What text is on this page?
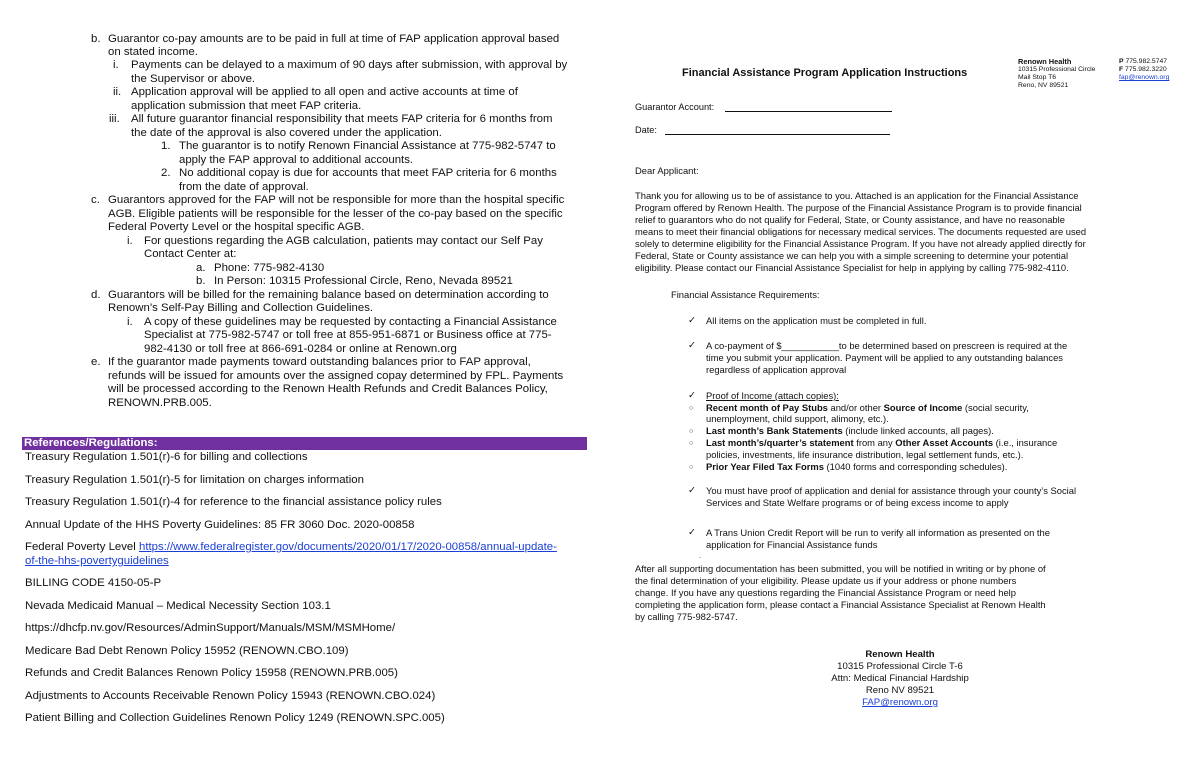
b. Guarantor co-pay amounts are to be paid in full at time of FAP application approval based
on stated income.
i. Payments can be delayed to a maximum of 90 days after submission, with approval by
the Supervisor or above.
ii. Application approval will be applied to all open and active accounts at time of
application submission that meet FAP criteria.
iii. All future guarantor financial responsibility that meets FAP criteria for 6 months from
the date of the approval is also covered under the application.
1. The guarantor is to notify Renown Financial Assistance at 775-982-5747 to
apply the FAP approval to additional accounts.
2. No additional copay is due for accounts that meet FAP criteria for 6 months
from the date of approval.
c. Guarantors approved for the FAP will not be responsible for more than the hospital specific
AGB. Eligible patients will be responsible for the lesser of the co-pay based on the specific
Federal Poverty Level or the hospital specific AGB.
i. For questions regarding the AGB calculation, patients may contact our Self Pay
Contact Center at:
a. Phone: 775-982-4130
b. In Person: 10315 Professional Circle, Reno, Nevada 89521
d. Guarantors will be billed for the remaining balance based on determination according to
Renown’s Self-Pay Billing and Collection Guidelines.
i. A copy of these guidelines may be requested by contacting a Financial Assistance
Specialist at 775-982-5747 or toll free at 855-951-6871 or Business office at 775-
982-4130 or toll free at 866-691-0284 or online at Renown.org
e. If the guarantor made payments toward outstanding balances prior to FAP approval,
refunds will be issued for amounts over the assigned copay determined by FPL. Payments
will be processed according to the Renown Health Refunds and Credit Balances Policy,
RENOWN.PRB.005.
References/Regulations:
Treasury Regulation 1.501(r)-6 for billing and collections
Treasury Regulation 1.501(r)-5 for limitation on charges information
Treasury Regulation 1.501(r)-4 for reference to the financial assistance policy rules
Annual Update of the HHS Poverty Guidelines: 85 FR 3060 Doc. 2020-00858
Federal Poverty Level https://www.federalregister.gov/documents/2020/01/17/2020-00858/annual-update-
of-the-hhs-povertyguidelines
BILLING CODE 4150-05-P
Nevada Medicaid Manual – Medical Necessity Section 103.1
https://dhcfp.nv.gov/Resources/AdminSupport/Manuals/MSM/MSMHome/
Medicare Bad Debt Renown Policy 15952 (RENOWN.CBO.109)
Refunds and Credit Balances Renown Policy 15958 (RENOWN.PRB.005)
Adjustments to Accounts Receivable Renown Policy 15943 (RENOWN.CBO.024)
Patient Billing and Collection Guidelines Renown Policy 1249 (RENOWN.SPC.005)
Financial Assistance Program Application Instructions
Renown Health
10315 Professional Circle
Mail Stop T6
Reno, NV 89521
P 775.982.5747
F 775.982.3220
fap@renown.org
Guarantor Account:
Date:
Dear Applicant:
Thank you for allowing us to be of assistance to you. Attached is an application for the Financial Assistance
Program offered by Renown Health. The purpose of the Financial Assistance Program is to provide financial
relief to guarantors who do not qualify for Federal, State, or County assistance, and have no reasonable
means to meet their financial obligations for necessary medical services. The documents requested are used
solely to determine eligibility for the Financial Assistance Program. If you have not already applied directly for
Federal, State or County assistance we can help you with a simple screening to determine your potential
eligibility. Please contact our Financial Assistance Specialist for help in applying by calling 775-982-4110.
Financial Assistance Requirements:
✓ All items on the application must be completed in full.
✓ A co-payment of $___________to be determined based on prescreen is required at the
time you submit your application. Payment will be applied to any outstanding balances
regardless of application approval
✓ Proof of Income (attach copies):
○ Recent month of Pay Stubs and/or other Source of Income (social security,
unemployment, child support, alimony, etc.).
○ Last month’s Bank Statements (include linked accounts, all pages).
○ Last month’s/quarter’s statement from any Other Asset Accounts (i.e., insurance
policies, investments, life insurance distribution, legal settlement funds, etc.).
○ Prior Year Filed Tax Forms (1040 forms and corresponding schedules).
✓ You must have proof of application and denial for assistance through your county’s Social
Services and State Welfare programs or of being excess income to apply
✓ A Trans Union Credit Report will be run to verify all information as presented on the
application for Financial Assistance funds
.
After all supporting documentation has been submitted, you will be notified in writing or by phone of
the final determination of your eligibility. Please update us if your address or phone numbers
change. If you have any questions regarding the Financial Assistance Program or need help
completing the application form, please contact a Financial Assistance Specialist at Renown Health
by calling 775-982-5747.
Renown Health
10315 Professional Circle T-6
Attn: Medical Financial Hardship
Reno NV 89521
FAP@renown.org
